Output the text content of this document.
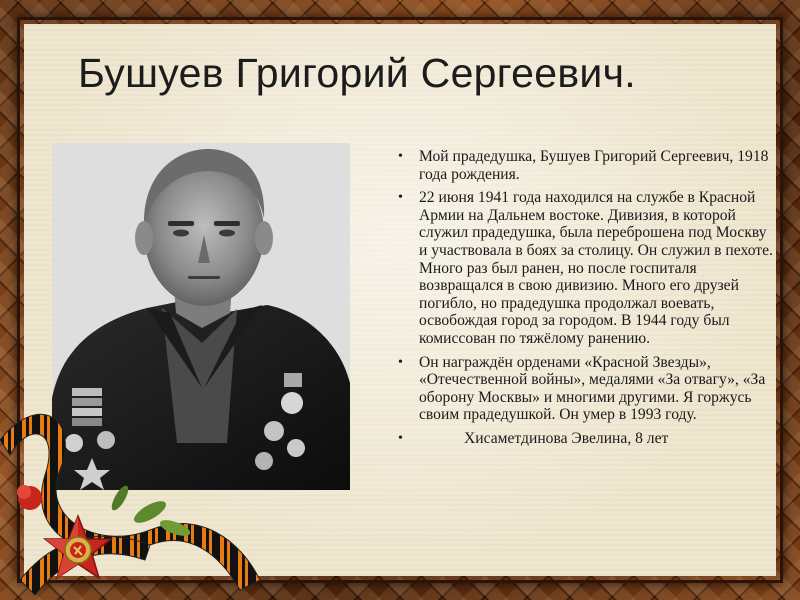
Бушуев Григорий Сергеевич.
• Мой прадедушка, Бушуев Григорий Сергеевич, 1918 года рождения.
• 22 июня 1941 года находился на службе в Красной Армии на Дальнем востоке. Дивизия, в которой служил прадедушка, была переброшена под Москву и участвовала в боях за столицу. Он служил в пехоте. Много раз был ранен, но после госпиталя возвращался в свою дивизию. Много его друзей погибло, но прадедушка продолжал воевать, освобождая город за городом. В 1944 году был комиссован по тяжёлому ранению.
• Он награждён орденами «Красной Звезды», «Отечественной войны», медалями «За отвагу», «За оборону Москвы» и многими другими. Я горжусь своим прадедушкой. Он умер в 1993 году.
•	Хисаметдинова Эвелина, 8 лет
